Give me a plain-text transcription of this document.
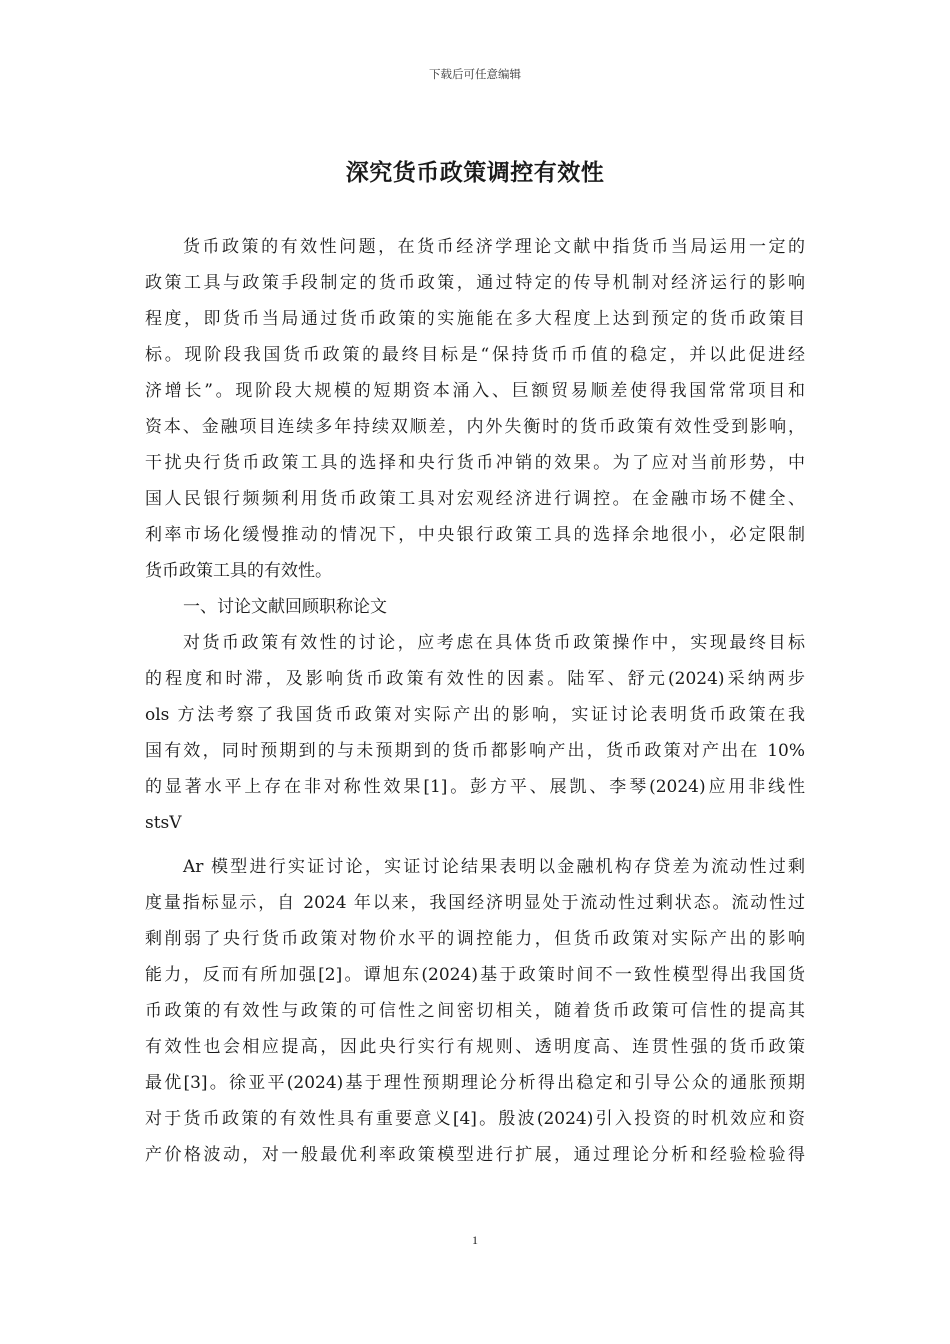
下载后可任意编辑
深究货币政策调控有效性
货币政策的有效性问题，在货币经济学理论文献中指货币当局运用一定的
政策工具与政策手段制定的货币政策，通过特定的传导机制对经济运行的影响
程度，即货币当局通过货币政策的实施能在多大程度上达到预定的货币政策目
标。现阶段我国货币政策的最终目标是“保持货币币值的稳定，并以此促进经
济增长”。现阶段大规模的短期资本涌入、巨额贸易顺差使得我国常常项目和
资本、金融项目连续多年持续双顺差，内外失衡时的货币政策有效性受到影响，
干扰央行货币政策工具的选择和央行货币冲销的效果。为了应对当前形势，中
国人民银行频频利用货币政策工具对宏观经济进行调控。在金融市场不健全、
利率市场化缓慢推动的情况下，中央银行政策工具的选择余地很小，必定限制
货币政策工具的有效性。
一、讨论文献回顾职称论文
对货币政策有效性的讨论，应考虑在具体货币政策操作中，实现最终目标
的程度和时滞，及影响货币政策有效性的因素。陆军、舒元(2024)采纳两步
ols 方法考察了我国货币政策对实际产出的影响，实证讨论表明货币政策在我
国有效，同时预期到的与未预期到的货币都影响产出，货币政策对产出在 10%
的显著水平上存在非对称性效果[1]。彭方平、展凯、李琴(2024)应用非线性
stsV
Ar 模型进行实证讨论，实证讨论结果表明以金融机构存贷差为流动性过剩
度量指标显示，自 2024 年以来，我国经济明显处于流动性过剩状态。流动性过
剩削弱了央行货币政策对物价水平的调控能力，但货币政策对实际产出的影响
能力，反而有所加强[2]。谭旭东(2024)基于政策时间不一致性模型得出我国货
币政策的有效性与政策的可信性之间密切相关，随着货币政策可信性的提高其
有效性也会相应提高，因此央行实行有规则、透明度高、连贯性强的货币政策
最优[3]。徐亚平(2024)基于理性预期理论分析得出稳定和引导公众的通胀预期
对于货币政策的有效性具有重要意义[4]。殷波(2024)引入投资的时机效应和资
产价格波动，对一般最优利率政策模型进行扩展，通过理论分析和经验检验得
1
